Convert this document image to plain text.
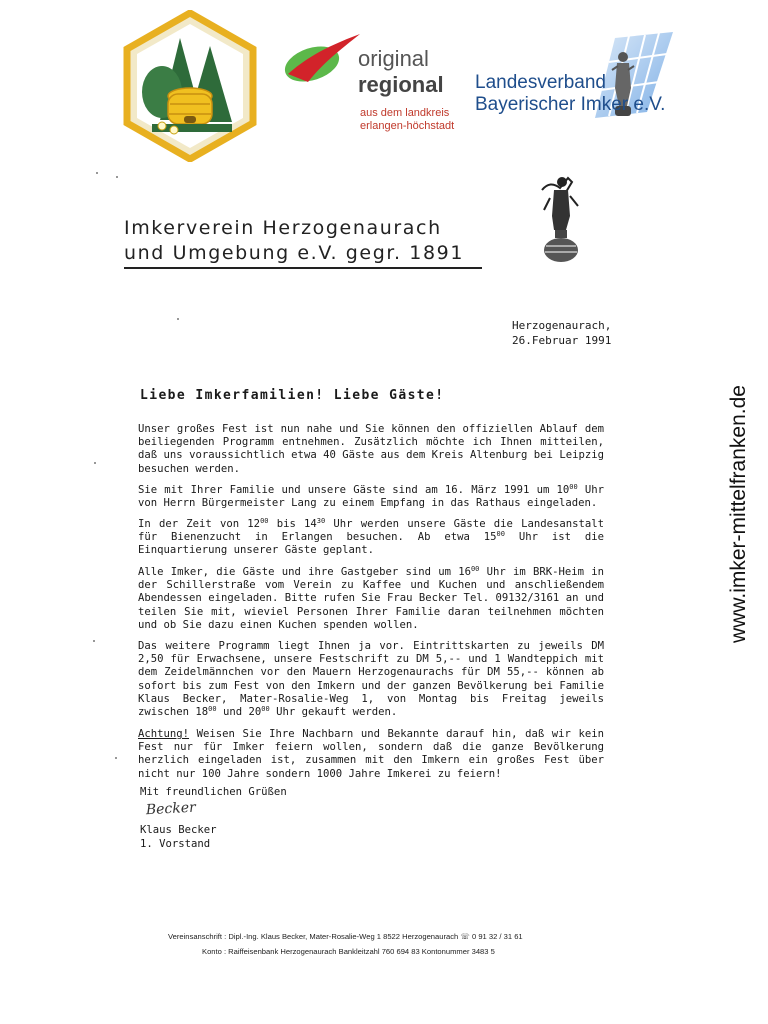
original
regional
aus dem landkreis
erlangen-höchstadt
Landesverband
Bayerischer Imker e.V.
Imkerverein Herzogenaurach
und Umgebung e.V. gegr. 1891
Herzogenaurach,
26.Februar 1991
Liebe Imkerfamilien! Liebe Gäste!

Unser großes Fest ist nun nahe und Sie können den offiziellen Ablauf dem beiliegenden Programm entnehmen. Zusätzlich möchte ich Ihnen mitteilen, daß uns voraussichtlich etwa 40 Gäste aus dem Kreis Altenburg bei Leipzig besuchen werden.

Sie mit Ihrer Familie und unsere Gäste sind am 16. März 1991 um $10^{00}$ Uhr von Herrn Bürgermeister Lang zu einem Empfang in das Rathaus eingeladen.

In der Zeit von $12^{00}$ bis $14^{30}$ Uhr werden unsere Gäste die Landesanstalt für Bienenzucht in Erlangen besuchen. Ab etwa $15^{00}$ Uhr ist die Einquartierung unserer Gäste geplant.

Alle Imker, die Gäste und ihre Gastgeber sind um $16^{00}$ Uhr im BRK-Heim in der Schillerstraße vom Verein zu Kaffee und Kuchen und anschließendem Abendessen eingeladen. Bitte rufen Sie Frau Becker Tel. 09132/3161 an und teilen Sie mit, wieviel Personen Ihrer Familie daran teilnehmen möchten und ob Sie dazu einen Kuchen spenden wollen.

Das weitere Programm liegt Ihnen ja vor. Eintrittskarten zu jeweils DM 2,50 für Erwachsene, unsere Festschrift zu DM 5,-- und 1 Wandteppich mit dem Zeidelmännchen vor den Mauern Herzogenaurachs für DM 55,-- können ab sofort bis zum Fest von den Imkern und der ganzen Bevölkerung bei Familie Klaus Becker, Mater-Rosalie-Weg 1, von Montag bis Freitag jeweils zwischen $18^{00}$ und $20^{00}$ Uhr gekauft werden.

Achtung! Weisen Sie Ihre Nachbarn und Bekannte darauf hin, daß wir kein Fest nur für Imker feiern wollen, sondern daß die ganze Bevölkerung herzlich eingeladen ist, zusammen mit den Imkern ein großes Fest über nicht nur 100 Jahre sondern 1000 Jahre Imkerei zu feiern!

Mit freundlichen Grüßen
Becker
Klaus Becker
1. Vorstand
Vereinsanschrift : Dipl.-Ing. Klaus Becker, Mater-Rosalie-Weg 1 8522 Herzogenaurach ☏ 0 91 32 / 31 61
Konto : Raiffeisenbank Herzogenaurach Bankleitzahl 760 694 83 Kontonummer 3483 5
www.imker-mittelfranken.de
